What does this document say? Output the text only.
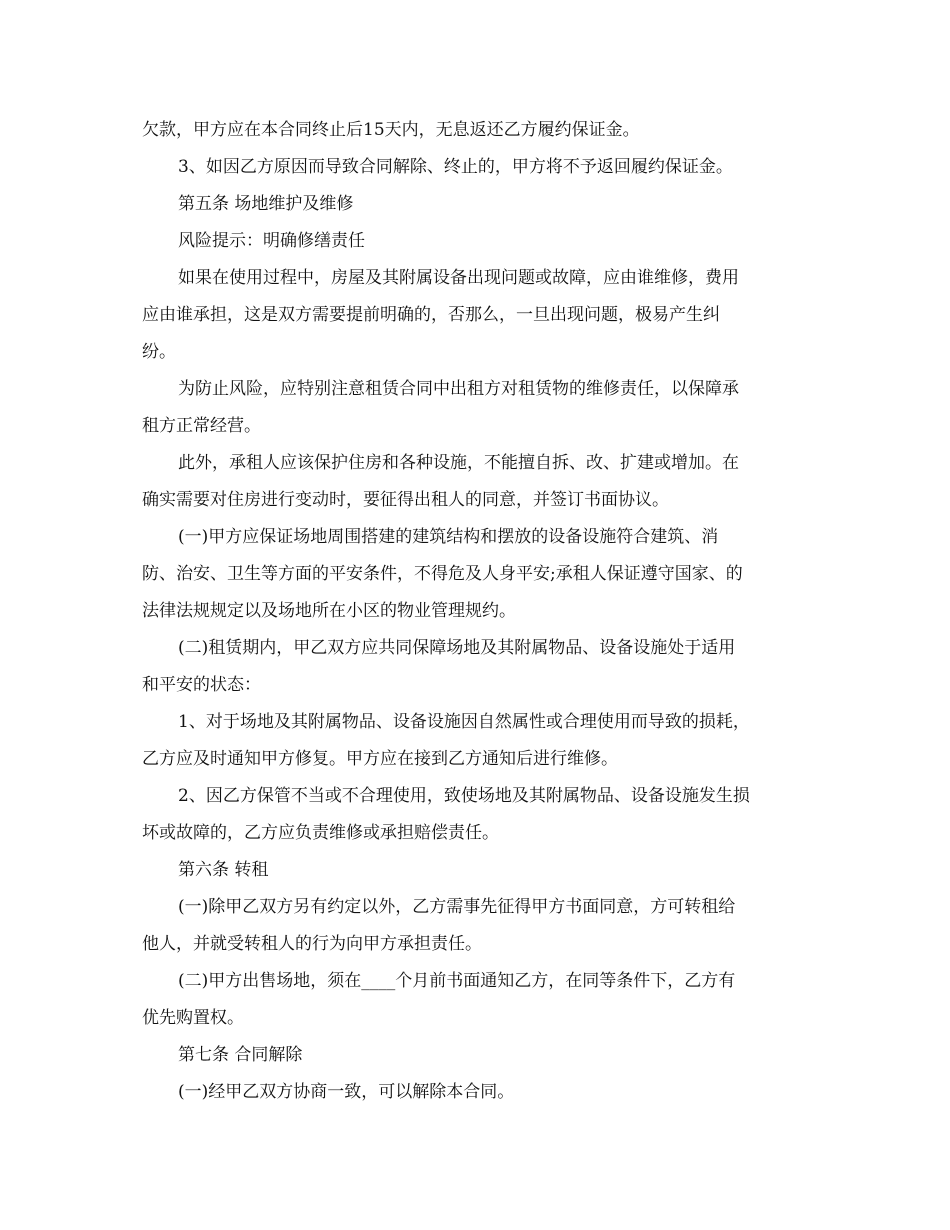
欠款，甲方应在本合同终止后15天内，无息返还乙方履约保证金。
3、如因乙方原因而导致合同解除、终止的，甲方将不予返回履约保证金。
第五条 场地维护及维修
风险提示：明确修缮责任
如果在使用过程中，房屋及其附属设备出现问题或故障，应由谁维修，费用
应由谁承担，这是双方需要提前明确的，否那么，一旦出现问题，极易产生纠
纷。
为防止风险，应特别注意租赁合同中出租方对租赁物的维修责任，以保障承
租方正常经营。
此外，承租人应该保护住房和各种设施，不能擅自拆、改、扩建或增加。在
确实需要对住房进行变动时，要征得出租人的同意，并签订书面协议。
(一)甲方应保证场地周围搭建的建筑结构和摆放的设备设施符合建筑、消
防、治安、卫生等方面的平安条件，不得危及人身平安;承租人保证遵守国家、的
法律法规规定以及场地所在小区的物业管理规约。
(二)租赁期内，甲乙双方应共同保障场地及其附属物品、设备设施处于适用
和平安的状态：
1、对于场地及其附属物品、设备设施因自然属性或合理使用而导致的损耗，
乙方应及时通知甲方修复。甲方应在接到乙方通知后进行维修。
2、因乙方保管不当或不合理使用，致使场地及其附属物品、设备设施发生损
坏或故障的，乙方应负责维修或承担赔偿责任。
第六条 转租
(一)除甲乙双方另有约定以外，乙方需事先征得甲方书面同意，方可转租给
他人，并就受转租人的行为向甲方承担责任。
(二)甲方出售场地，须在____个月前书面通知乙方，在同等条件下，乙方有
优先购置权。
第七条 合同解除
(一)经甲乙双方协商一致，可以解除本合同。
